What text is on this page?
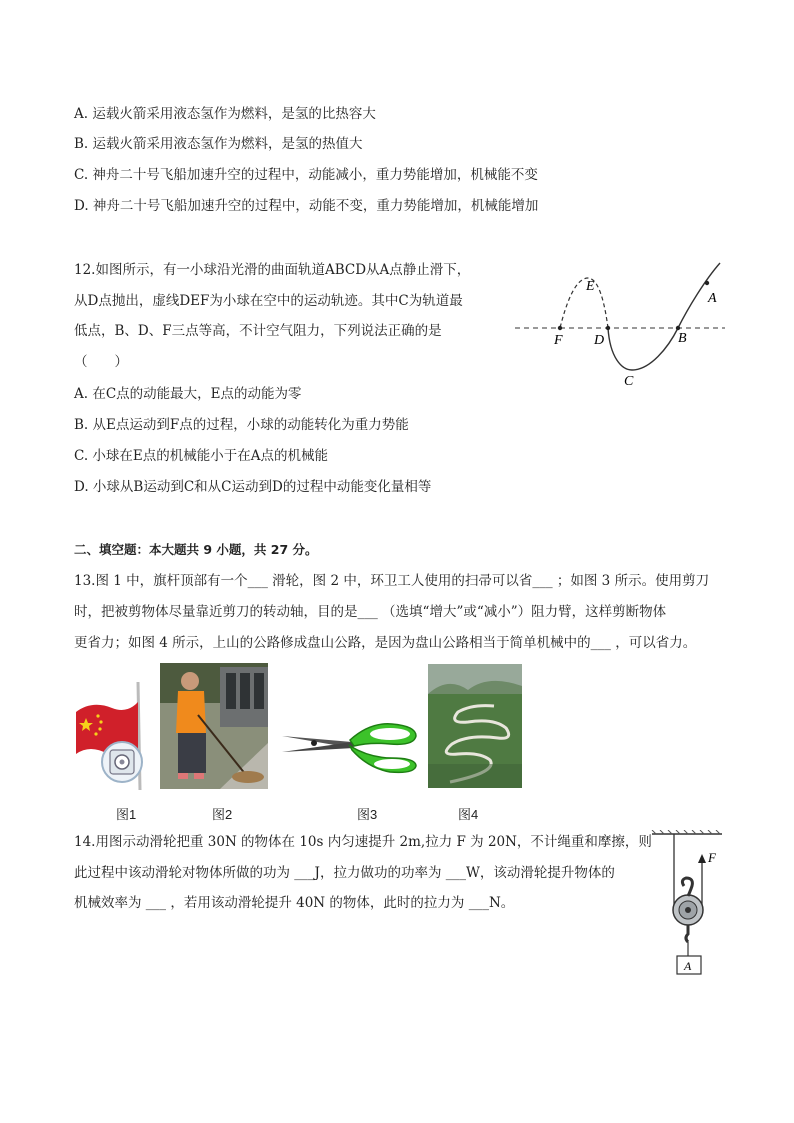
A. 运载火箭采用液态氢作为燃料，是氢的比热容大
B. 运载火箭采用液态氢作为燃料，是氢的热值大
C. 神舟二十号飞船加速升空的过程中，动能减小，重力势能增加，机械能不变
D. 神舟二十号飞船加速升空的过程中，动能不变，重力势能增加，机械能增加
12.如图所示，有一小球沿光滑的曲面轨道ABCD从A点静止滑下，
从D点抛出，虚线DEF为小球在空中的运动轨迹。其中C为轨道最
低点，B、D、F三点等高，不计空气阻力，下列说法正确的是
（　　）
A. 在C点的动能最大，E点的动能为零
B. 从E点运动到F点的过程，小球的动能转化为重力势能
C. 小球在E点的机械能小于在A点的机械能
D. 小球从B运动到C和从C运动到D的过程中动能变化量相等
E
F D	B
C
A
二、填空题：本大题共 9 小题，共 27 分。
13.图 1 中，旗杆顶部有一个___ 滑轮，图 2 中，环卫工人使用的扫帚可以省___ ；如图 3 所示。使用剪刀
时，把被剪物体尽量靠近剪刀的转动轴，目的是___ （选填“增大”或“减小”）阻力臂，这样剪断物体
更省力；如图 4 所示，上山的公路修成盘山公路，是因为盘山公路相当于简单机械中的___ ，可以省力。
图1	图2	图3	图4
14.用图示动滑轮把重 30N 的物体在 10s 内匀速提升 2m,拉力 F 为 20N，不计绳重和摩擦，则
此过程中该动滑轮对物体所做的功为 ___J，拉力做功的功率为 ___W，该动滑轮提升物体的
机械效率为 ___ ，若用该动滑轮提升 40N 的物体，此时的拉力为 ___N。
F
A
